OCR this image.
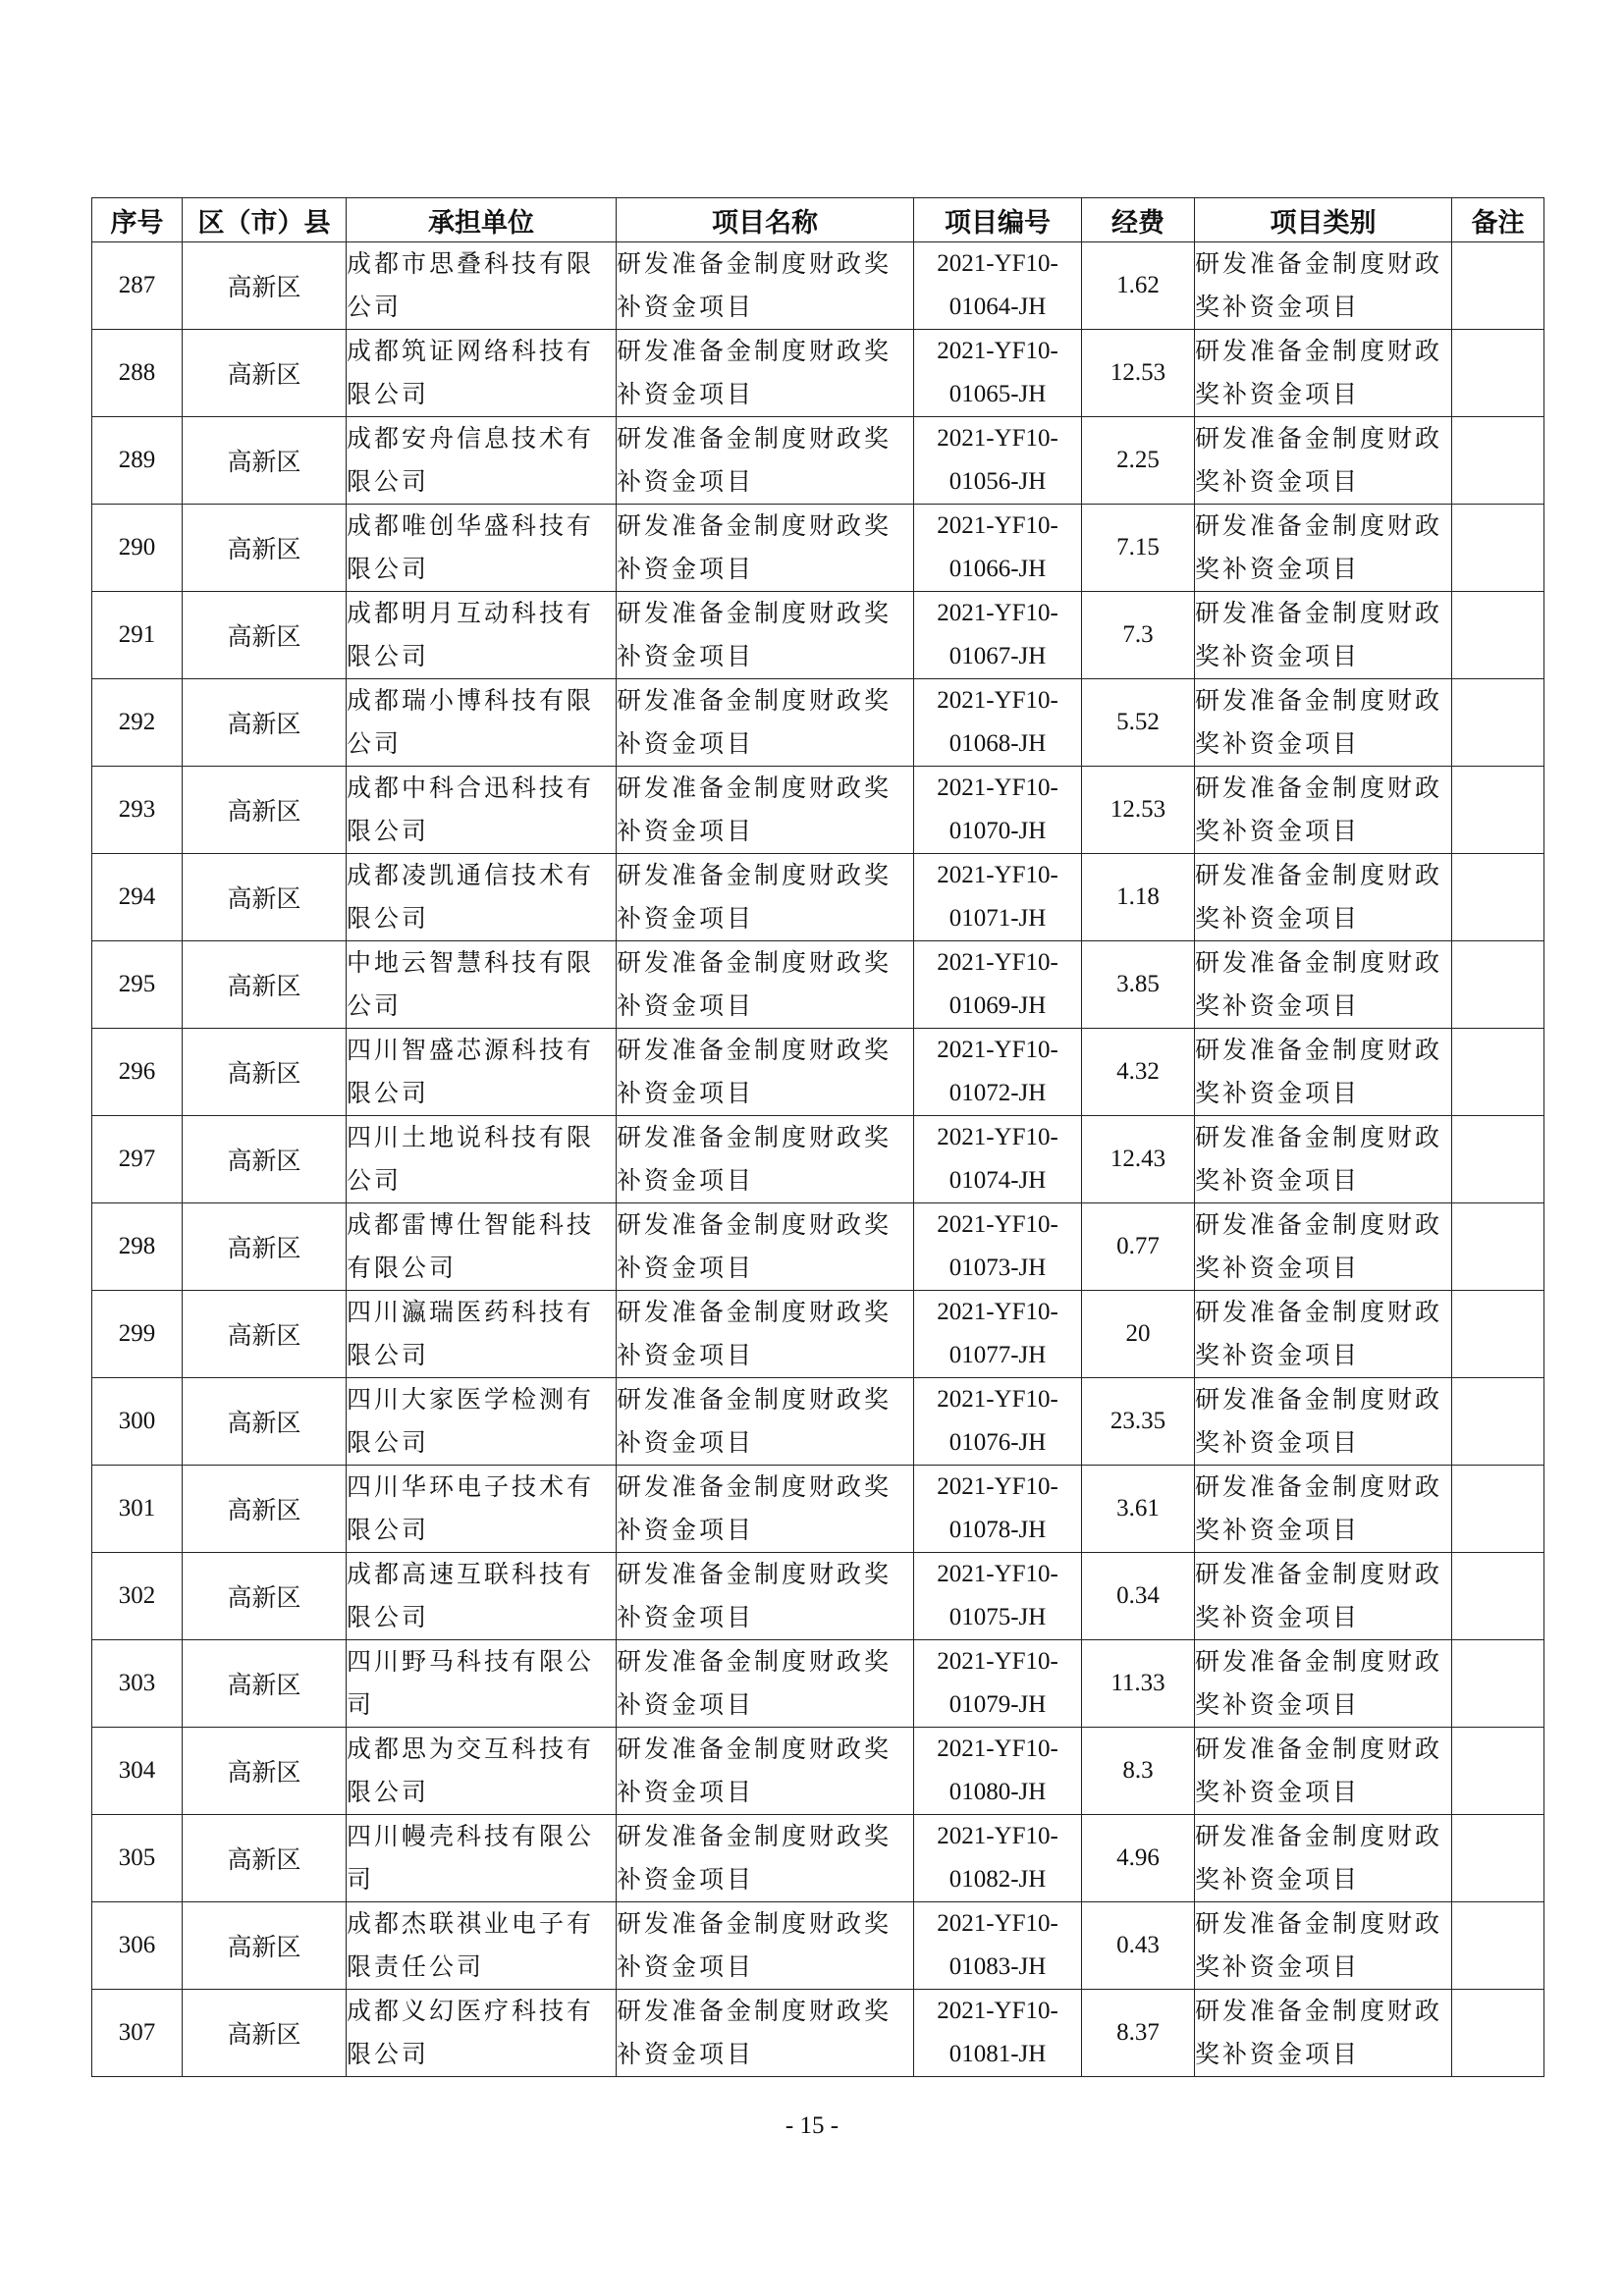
序号	区（市）县	承担单位	项目名称	项目编号	经费	项目类别	备注
287	高新区	成都市思叠科技有限公司	研发准备金制度财政奖补资金项目	2021-YF10-
01064-JH	1.62	研发准备金制度财政奖补资金项目	
288	高新区	成都筑证网络科技有限公司	研发准备金制度财政奖补资金项目	2021-YF10-
01065-JH	12.53	研发准备金制度财政奖补资金项目	
289	高新区	成都安舟信息技术有限公司	研发准备金制度财政奖补资金项目	2021-YF10-
01056-JH	2.25	研发准备金制度财政奖补资金项目	
290	高新区	成都唯创华盛科技有限公司	研发准备金制度财政奖补资金项目	2021-YF10-
01066-JH	7.15	研发准备金制度财政奖补资金项目	
291	高新区	成都明月互动科技有限公司	研发准备金制度财政奖补资金项目	2021-YF10-
01067-JH	7.3	研发准备金制度财政奖补资金项目	
292	高新区	成都瑞小博科技有限公司	研发准备金制度财政奖补资金项目	2021-YF10-
01068-JH	5.52	研发准备金制度财政奖补资金项目	
293	高新区	成都中科合迅科技有限公司	研发准备金制度财政奖补资金项目	2021-YF10-
01070-JH	12.53	研发准备金制度财政奖补资金项目	
294	高新区	成都凌凯通信技术有限公司	研发准备金制度财政奖补资金项目	2021-YF10-
01071-JH	1.18	研发准备金制度财政奖补资金项目	
295	高新区	中地云智慧科技有限公司	研发准备金制度财政奖补资金项目	2021-YF10-
01069-JH	3.85	研发准备金制度财政奖补资金项目	
296	高新区	四川智盛芯源科技有限公司	研发准备金制度财政奖补资金项目	2021-YF10-
01072-JH	4.32	研发准备金制度财政奖补资金项目	
297	高新区	四川土地说科技有限公司	研发准备金制度财政奖补资金项目	2021-YF10-
01074-JH	12.43	研发准备金制度财政奖补资金项目	
298	高新区	成都雷博仕智能科技有限公司	研发准备金制度财政奖补资金项目	2021-YF10-
01073-JH	0.77	研发准备金制度财政奖补资金项目	
299	高新区	四川瀛瑞医药科技有限公司	研发准备金制度财政奖补资金项目	2021-YF10-
01077-JH	20	研发准备金制度财政奖补资金项目	
300	高新区	四川大家医学检测有限公司	研发准备金制度财政奖补资金项目	2021-YF10-
01076-JH	23.35	研发准备金制度财政奖补资金项目	
301	高新区	四川华环电子技术有限公司	研发准备金制度财政奖补资金项目	2021-YF10-
01078-JH	3.61	研发准备金制度财政奖补资金项目	
302	高新区	成都高速互联科技有限公司	研发准备金制度财政奖补资金项目	2021-YF10-
01075-JH	0.34	研发准备金制度财政奖补资金项目	
303	高新区	四川野马科技有限公司	研发准备金制度财政奖补资金项目	2021-YF10-
01079-JH	11.33	研发准备金制度财政奖补资金项目	
304	高新区	成都思为交互科技有限公司	研发准备金制度财政奖补资金项目	2021-YF10-
01080-JH	8.3	研发准备金制度财政奖补资金项目	
305	高新区	四川幔壳科技有限公司	研发准备金制度财政奖补资金项目	2021-YF10-
01082-JH	4.96	研发准备金制度财政奖补资金项目	
306	高新区	成都杰联祺业电子有限责任公司	研发准备金制度财政奖补资金项目	2021-YF10-
01083-JH	0.43	研发准备金制度财政奖补资金项目	
307	高新区	成都义幻医疗科技有限公司	研发准备金制度财政奖补资金项目	2021-YF10-
01081-JH	8.37	研发准备金制度财政奖补资金项目	
- 15 -
